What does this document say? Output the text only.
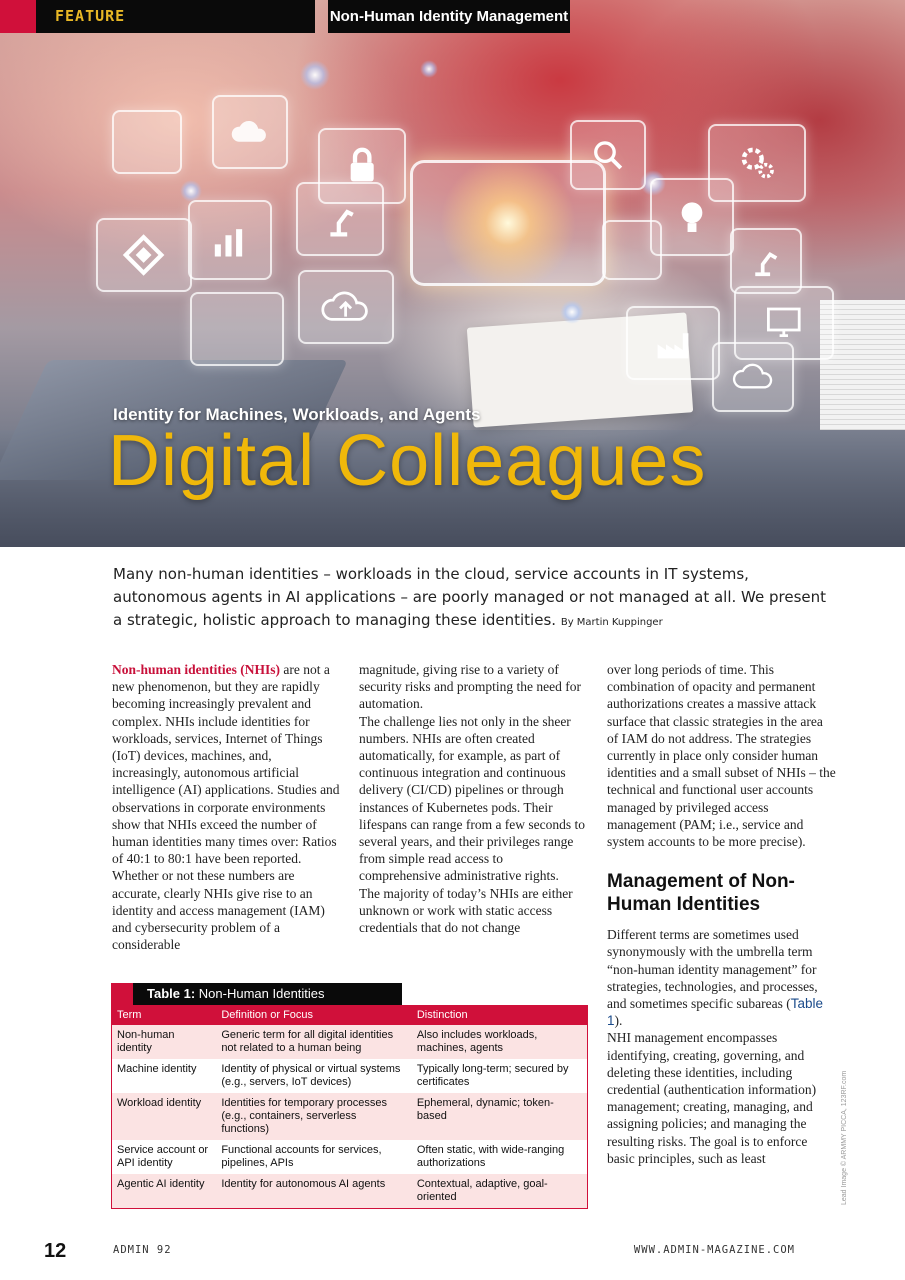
FEATURE	Non-Human Identity Management
Identity for Machines, Workloads, and Agents
Digital Colleagues
Many non-human identities – workloads in the cloud, service accounts in IT systems, autonomous agents in AI applications – are poorly managed or not managed at all. We present a strategic, holistic approach to managing these identities. By Martin Kuppinger

Non-human identities (NHIs) are not a new phenomenon, but they are rapidly becoming increasingly prevalent and complex. NHIs include identities for workloads, services, Internet of Things (IoT) devices, machines, and, increasingly, autonomous artificial intelligence (AI) applications. Studies and observations in corporate environments show that NHIs exceed the number of human identities many times over: Ratios of 40:1 to 80:1 have been reported. Whether or not these numbers are accurate, clearly NHIs give rise to an identity and access management (IAM) and cybersecurity problem of a considerable

magnitude, giving rise to a variety of security risks and prompting the need for automation.

The challenge lies not only in the sheer numbers. NHIs are often created automatically, for example, as part of continuous integration and continuous delivery (CI/CD) pipelines or through instances of Kubernetes pods. Their lifespans can range from a few seconds to several years, and their privileges range from simple read access to comprehensive administrative rights.

The majority of today’s NHIs are either unknown or work with static access credentials that do not change

over long periods of time. This combination of opacity and permanent authorizations creates a massive attack surface that classic strategies in the area of IAM do not address. The strategies currently in place only consider human identities and a small subset of NHIs – the technical and functional user accounts managed by privileged access management (PAM; i.e., service and system accounts to be more precise).

Management of Non-Human Identities

Different terms are sometimes used synonymously with the umbrella term “non-human identity management” for strategies, technologies, and processes, and sometimes specific subareas (Table 1).

NHI management encompasses identifying, creating, governing, and deleting these identities, including credential (authentication information) management; creating, managing, and assigning policies; and managing the resulting risks. The goal is to enforce basic principles, such as least

Table 1: Non-Human Identities
Term	Definition or Focus	Distinction
Non-human identity	Generic term for all digital identities not related to a human being	Also includes workloads, machines, agents
Machine identity	Identity of physical or virtual systems (e.g., servers, IoT devices)	Typically long-term; secured by certificates
Workload identity	Identities for temporary processes (e.g., containers, serverless functions)	Ephemeral, dynamic; token-based
Service account or API identity	Functional accounts for services, pipelines, APIs	Often static, with wide-ranging authorizations
Agentic AI identity	Identity for autonomous AI agents	Contextual, adaptive, goal-oriented	Lead Image © ARMMY PICCA, 123RF.com
12	ADMIN 92	WWW.ADMIN-MAGAZINE.COM
